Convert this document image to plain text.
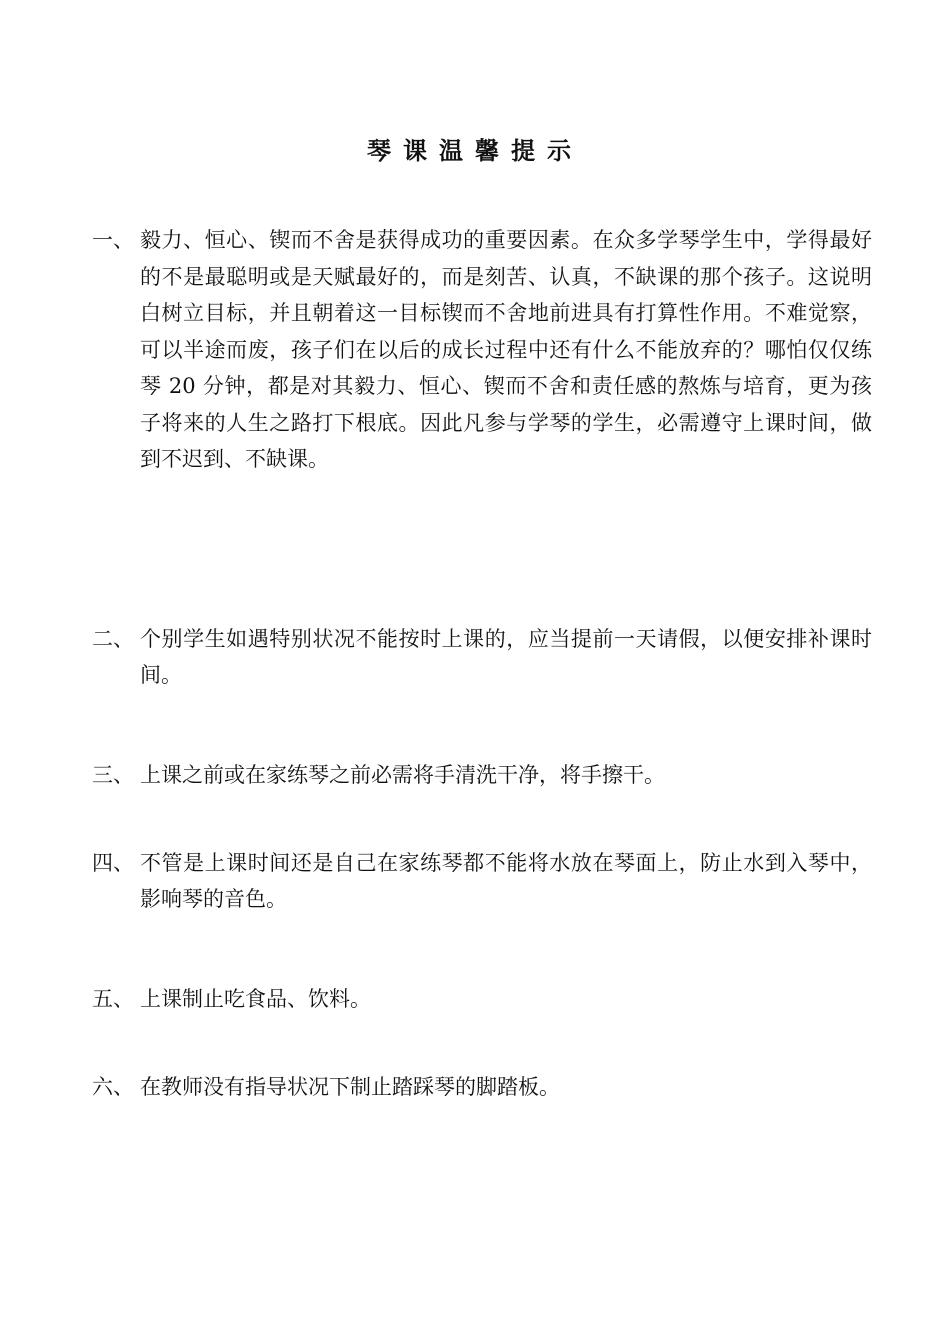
琴课温馨提示
一、 毅力、恒心、锲而不舍是获得成功的重要因素。在众多学琴学生中，学得最好的不是最聪明或是天赋最好的，而是刻苦、认真，不缺课的那个孩子。这说明白树立目标，并且朝着这一目标锲而不舍地前进具有打算性作用。不难觉察，可以半途而废，孩子们在以后的成长过程中还有什么不能放弃的？哪怕仅仅练琴 20 分钟，都是对其毅力、恒心、锲而不舍和责任感的熬炼与培育，更为孩子将来的人生之路打下根底。因此凡参与学琴的学生，必需遵守上课时间，做到不迟到、不缺课。
二、 个别学生如遇特别状况不能按时上课的，应当提前一天请假，以便安排补课时间。
三、 上课之前或在家练琴之前必需将手清洗干净，将手擦干。
四、 不管是上课时间还是自己在家练琴都不能将水放在琴面上，防止水到入琴中，影响琴的音色。
五、 上课制止吃食品、饮料。
六、 在教师没有指导状况下制止踏踩琴的脚踏板。
